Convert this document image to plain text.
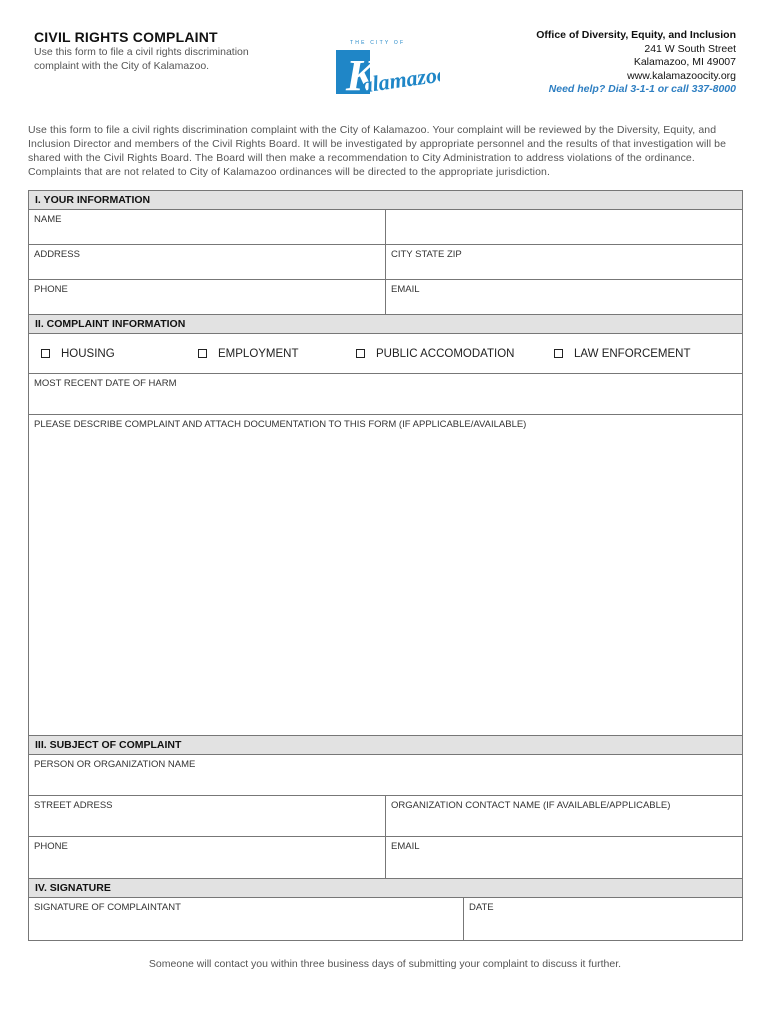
CIVIL RIGHTS COMPLAINT
Use this form to file a civil rights discrimination complaint with the City of Kalamazoo.
THE CITY OF
K
alamazoo
Office of Diversity, Equity, and Inclusion
241 W South Street
Kalamazoo, MI 49007
www.kalamazoocity.org
Need help? Dial 3-1-1 or call 337-8000
Use this form to file a civil rights discrimination complaint with the City of Kalamazoo. Your complaint will be reviewed by the Diversity, Equity, and Inclusion Director and members of the Civil Rights Board. It will be investigated by appropriate personnel and the results of that investigation will be shared with the Civil Rights Board. The Board will then make a recommendation to City Administration to address violations of the ordinance. Complaints that are not related to City of Kalamazoo ordinances will be directed to the appropriate jurisdiction.
I. YOUR INFORMATION
NAME
ADDRESS	CITY STATE ZIP
PHONE	EMAIL
II. COMPLAINT INFORMATION
HOUSING	EMPLOYMENT	PUBLIC ACCOMODATION	LAW ENFORCEMENT
MOST RECENT DATE OF HARM
PLEASE DESCRIBE COMPLAINT AND ATTACH DOCUMENTATION TO THIS FORM (IF APPLICABLE/AVAILABLE)
III. SUBJECT OF COMPLAINT
PERSON OR ORGANIZATION NAME
STREET ADRESS	ORGANIZATION CONTACT NAME (IF AVAILABLE/APPLICABLE)
PHONE	EMAIL
IV. SIGNATURE
SIGNATURE OF COMPLAINTANT	DATE
Someone will contact you within three business days of submitting your complaint to discuss it further.
